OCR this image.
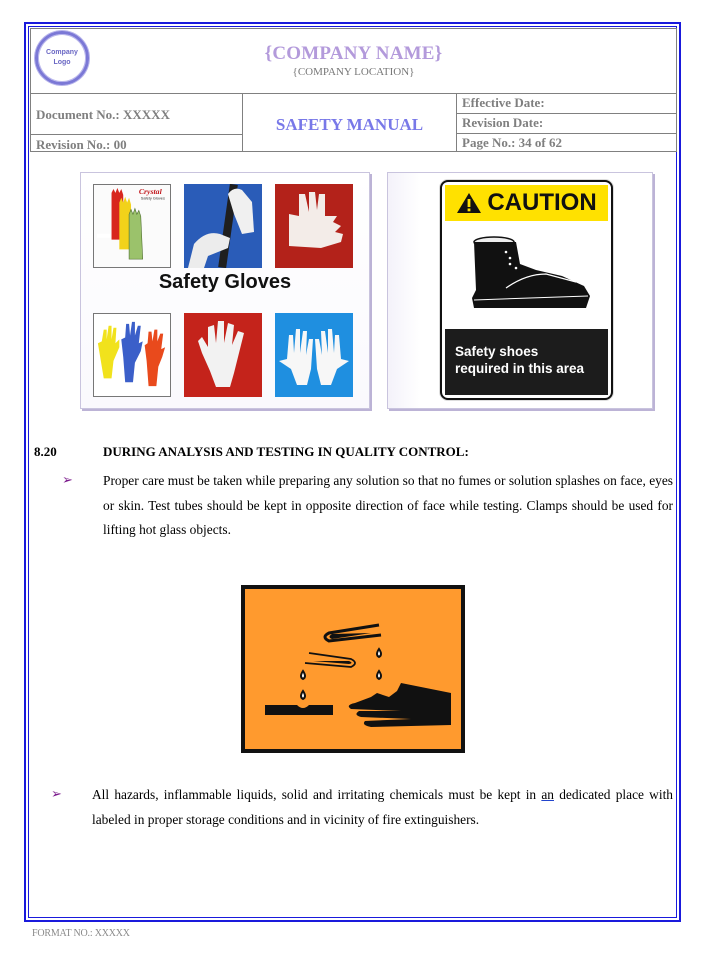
Company
Logo	{COMPANY NAME}
{COMPANY LOCATION}
Document No.: XXXXX
Revision No.: 00
SAFETY MANUAL
Effective Date:
Revision Date:
Page No.: 34 of 62
Crystal
Safety Gloves
Safety Gloves
CAUTION
Safety shoes
required in this area
8.20	DURING ANALYSIS AND TESTING IN QUALITY CONTROL:
➢ Proper care must be taken while preparing any solution so that no fumes or solution splashes on face, eyes or skin. Test tubes should be kept in opposite direction of face while testing. Clamps should be used for lifting hot glass objects.
➢ All hazards, inflammable liquids, solid and irritating chemicals must be kept in an dedicated place with labeled in proper storage conditions and in vicinity of fire extinguishers.
FORMAT NO.: XXXXX
